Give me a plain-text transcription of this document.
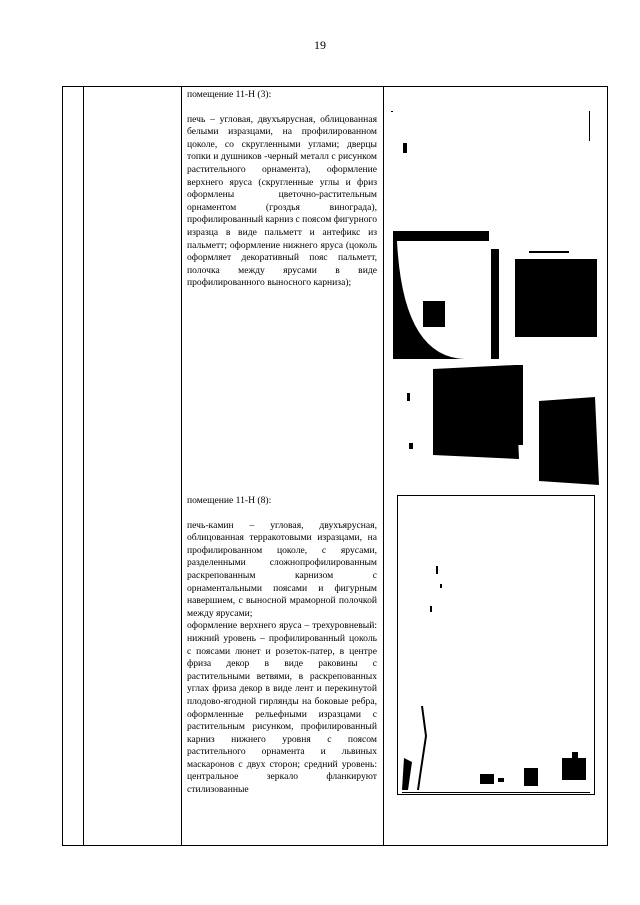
19

помещение 11-Н (3):

печь – угловая, двухъярусная, облицованная белыми изразцами, на профилированном цоколе, со скругленными углами; дверцы топки и душников -черный металл с рисунком растительного орнамента), оформление верхнего яруса (скругленные углы и фриз оформлены цветочно-растительным орнаментом (гроздья винограда), профилированный карниз с поясом фигурного изразца в виде пальметт и антефикс из пальметт; оформление нижнего яруса (цоколь оформляет декоративный пояс пальметт, полочка между ярусами в виде профилированного выносного карниза);

помещение 11-Н (8):

печь-камин – угловая, двухъярусная, облицованная терракотовыми изразцами, на профилированном цоколе, с ярусами, разделенными сложнопрофилированным раскрепованным карнизом с орнаментальными поясами и фигурным навершием, с выносной мраморной полочкой между ярусами;

оформление верхнего яруса – трехуровневый: нижний уровень – профилированный цоколь с поясами люнет и розеток-патер, в центре фриза декор в виде раковины с растительными ветвями, в раскрепованных углах фриза декор в виде лент и перекинутой плодово-ягодной гирлянды на боковые ребра, оформленные рельефными изразцами с растительным рисунком, профилированный карниз нижнего уровня с поясом растительного орнамента и львиных маскаронов с двух сторон; средний уровень: центральное зеркало фланкируют стилизованные
